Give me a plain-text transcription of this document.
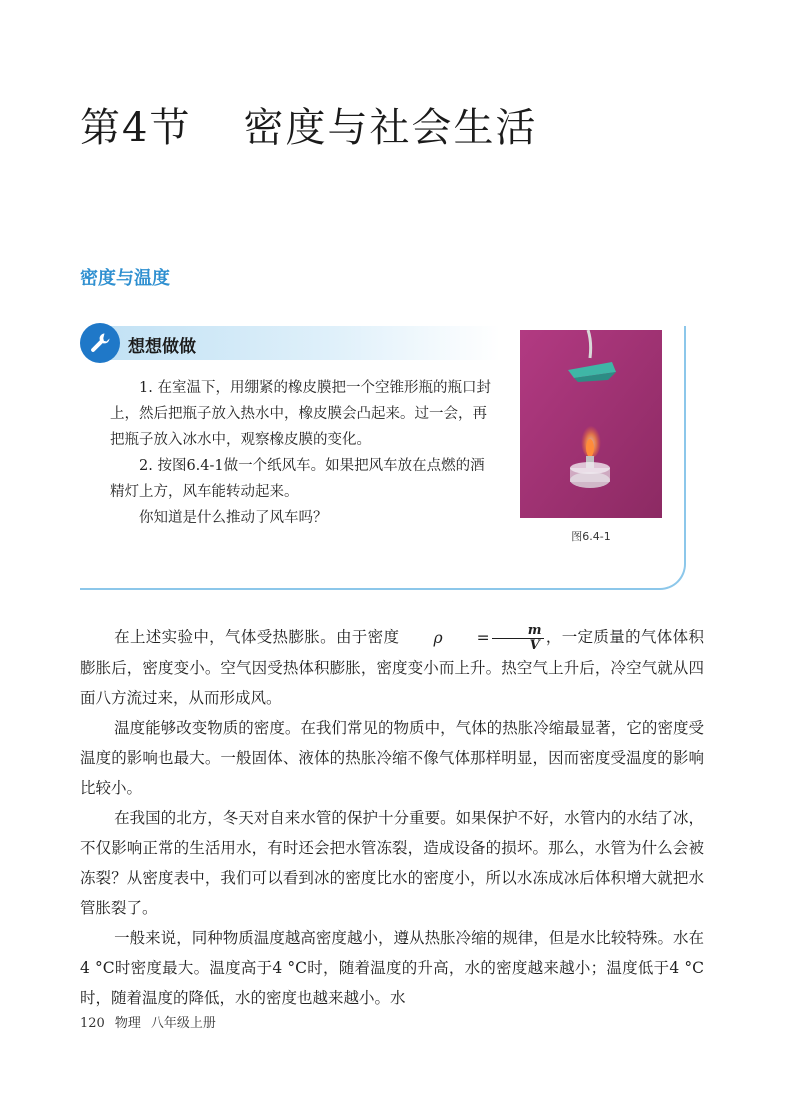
第4节 密度与社会生活
密度与温度
想想做做

1. 在室温下，用绷紧的橡皮膜把一个空锥形瓶的瓶口封上，然后把瓶子放入热水中，橡皮膜会凸起来。过一会，再把瓶子放入冰水中，观察橡皮膜的变化。

2. 按图6.4-1做一个纸风车。如果把风车放在点燃的酒精灯上方，风车能转动起来。

你知道是什么推动了风车吗？

图6.4-1

在上述实验中，气体受热膨胀。由于密度	ρ	= $\frac{m}{V}$ ，一定质量的气体体积膨胀后，密度变小。空气因受热体积膨胀，密度变小而上升。热空气上升后，冷空气就从四面八方流过来，从而形成风。

温度能够改变物质的密度。在我们常见的物质中，气体的热胀冷缩最显著，它的密度受温度的影响也最大。一般固体、液体的热胀冷缩不像气体那样明显，因而密度受温度的影响比较小。

在我国的北方，冬天对自来水管的保护十分重要。如果保护不好，水管内的水结了冰，不仅影响正常的生活用水，有时还会把水管冻裂，造成设备的损坏。那么，水管为什么会被冻裂？从密度表中，我们可以看到冰的密度比水的密度小，所以水冻成冰后体积增大就把水管胀裂了。

一般来说，同种物质温度越高密度越小，遵从热胀冷缩的规律，但是水比较特殊。水在4 °C时密度最大。温度高于4 °C时，随着温度的升高，水的密度越来越小；温度低于4 °C时，随着温度的降低，水的密度也越来越小。水

120 物理 八年级上册
